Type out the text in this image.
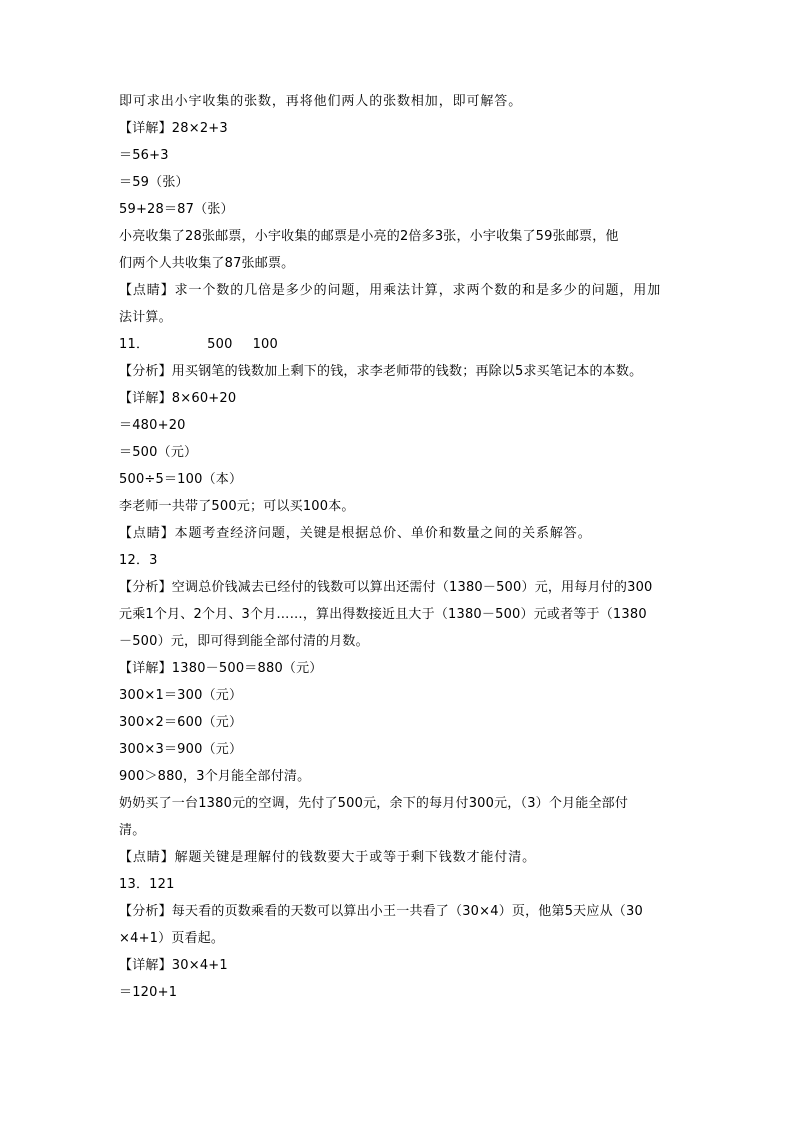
即可求出小宇收集的张数，再将他们两人的张数相加，即可解答。
【详解】28×2+3
＝56+3
＝59（张）
59+28＝87（张）
小亮收集了28张邮票，小宇收集的邮票是小亮的2倍多3张，小宇收集了59张邮票，他
们两个人共收集了87张邮票。
【点睛】求一个数的几倍是多少的问题，用乘法计算，求两个数的和是多少的问题，用加
法计算。
11．	500 100
【分析】用买钢笔的钱数加上剩下的钱，求李老师带的钱数；再除以5求买笔记本的本数。
【详解】8×60+20
＝480+20
＝500（元）
500÷5＝100（本）
李老师一共带了500元；可以买100本。
【点睛】本题考查经济问题，关键是根据总价、单价和数量之间的关系解答。
12．3
【分析】空调总价钱减去已经付的钱数可以算出还需付（1380－500）元，用每月付的300
元乘1个月、2个月、3个月……，算出得数接近且大于（1380－500）元或者等于（1380
－500）元，即可得到能全部付清的月数。
【详解】1380－500＝880（元）
300×1＝300（元）
300×2＝600（元）
300×3＝900（元）
900＞880，3个月能全部付清。
奶奶买了一台1380元的空调，先付了500元，余下的每月付300元，（3）个月能全部付
清。
【点睛】解题关键是理解付的钱数要大于或等于剩下钱数才能付清。
13．121
【分析】每天看的页数乘看的天数可以算出小王一共看了（30×4）页，他第5天应从（30
×4+1）页看起。
【详解】30×4+1
＝120+1
